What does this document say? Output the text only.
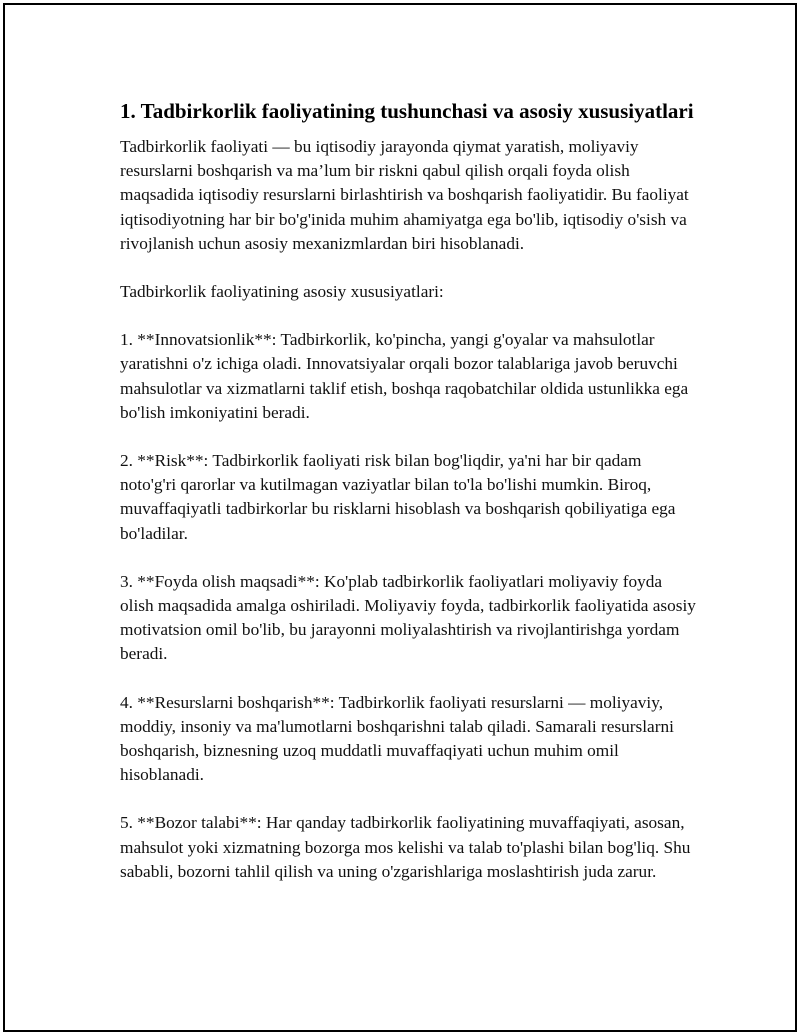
1. Tadbirkorlik faoliyatining tushunchasi va asosiy xususiyatlari

Tadbirkorlik faoliyati — bu iqtisodiy jarayonda qiymat yaratish, moliyaviy resurslarni boshqarish va ma’lum bir riskni qabul qilish orqali foyda olish maqsadida iqtisodiy resurslarni birlashtirish va boshqarish faoliyatidir. Bu faoliyat iqtisodiyotning har bir bo'g'inida muhim ahamiyatga ega bo'lib, iqtisodiy o'sish va rivojlanish uchun asosiy mexanizmlardan biri hisoblanadi.

Tadbirkorlik faoliyatining asosiy xususiyatlari:

1. **Innovatsionlik**: Tadbirkorlik, ko'pincha, yangi g'oyalar va mahsulotlar yaratishni o'z ichiga oladi. Innovatsiyalar orqali bozor talablariga javob beruvchi mahsulotlar va xizmatlarni taklif etish, boshqa raqobatchilar oldida ustunlikka ega bo'lish imkoniyatini beradi.

2. **Risk**: Tadbirkorlik faoliyati risk bilan bog'liqdir, ya'ni har bir qadam noto'g'ri qarorlar va kutilmagan vaziyatlar bilan to'la bo'lishi mumkin. Biroq, muvaffaqiyatli tadbirkorlar bu risklarni hisoblash va boshqarish qobiliyatiga ega bo'ladilar.

3. **Foyda olish maqsadi**: Ko'plab tadbirkorlik faoliyatlari moliyaviy foyda olish maqsadida amalga oshiriladi. Moliyaviy foyda, tadbirkorlik faoliyatida asosiy motivatsion omil bo'lib, bu jarayonni moliyalashtirish va rivojlantirishga yordam beradi.

4. **Resurslarni boshqarish**: Tadbirkorlik faoliyati resurslarni — moliyaviy, moddiy, insoniy va ma'lumotlarni boshqarishni talab qiladi. Samarali resurslarni boshqarish, biznesning uzoq muddatli muvaffaqiyati uchun muhim omil hisoblanadi.

5. **Bozor talabi**: Har qanday tadbirkorlik faoliyatining muvaffaqiyati, asosan, mahsulot yoki xizmatning bozorga mos kelishi va talab to'plashi bilan bog'liq. Shu sababli, bozorni tahlil qilish va uning o'zgarishlariga moslashtirish juda zarur.
